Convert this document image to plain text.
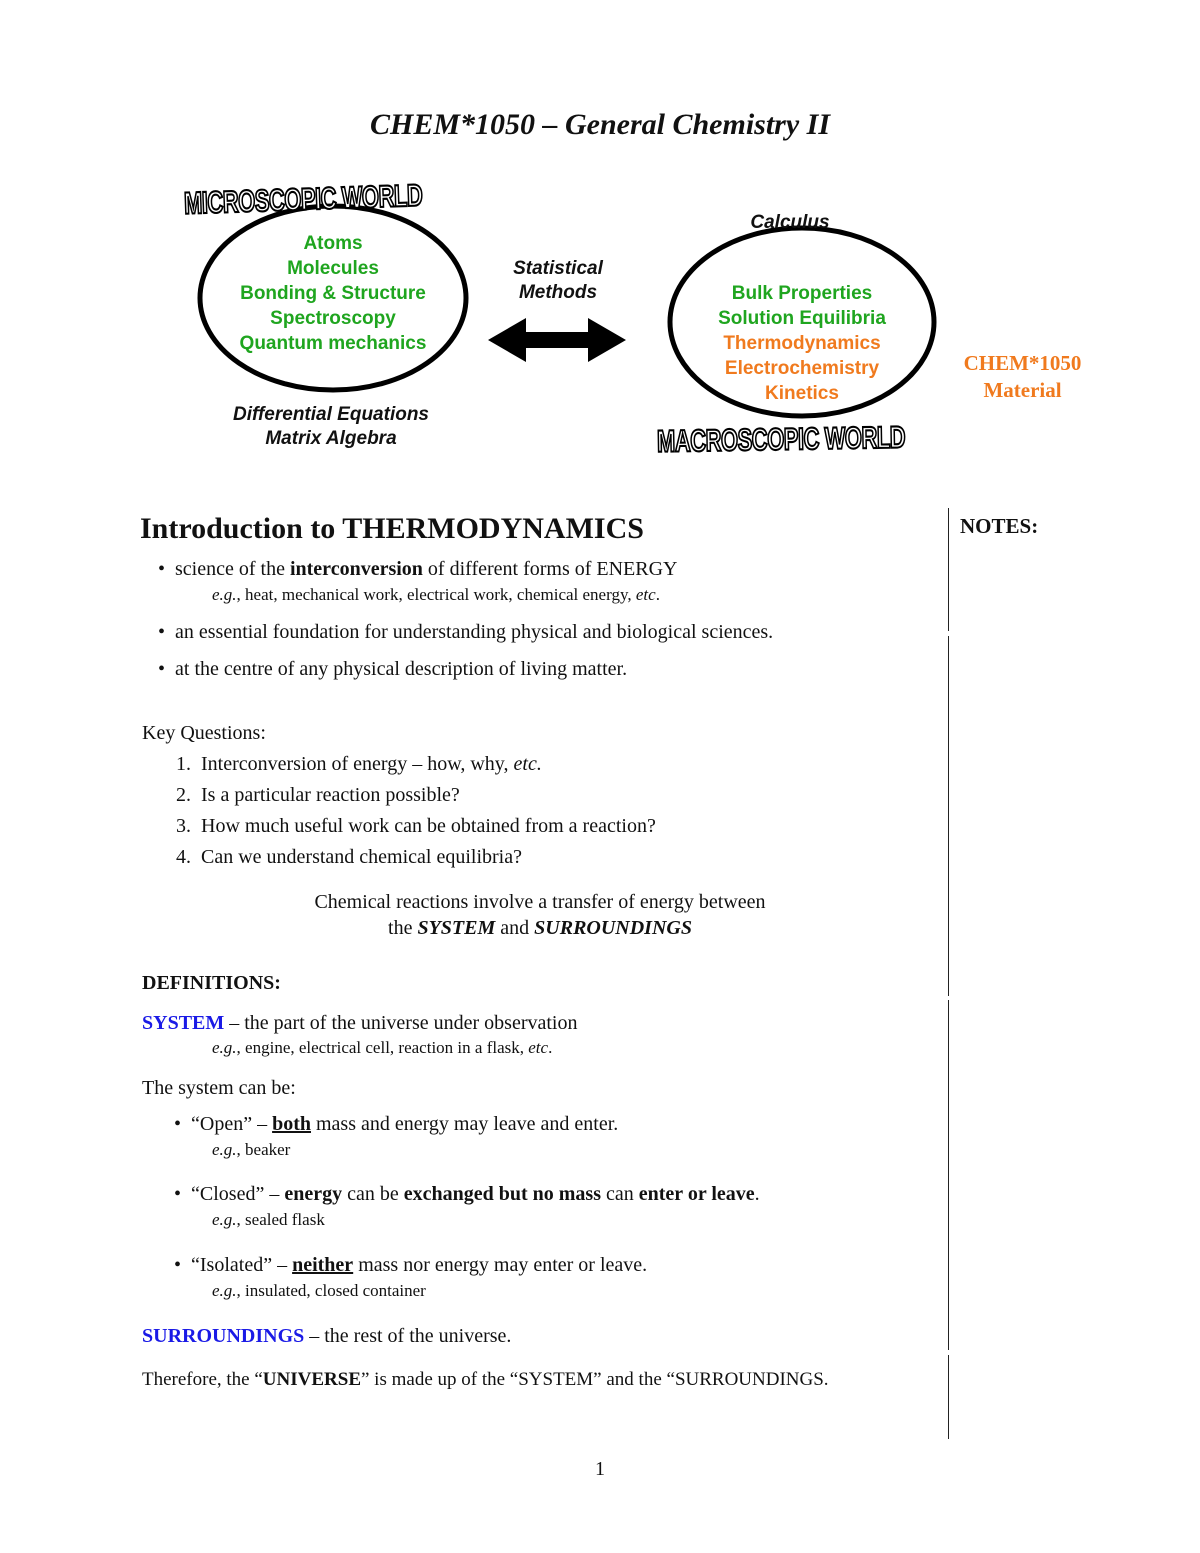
CHEM*1050 – General Chemistry II
MICROSCOPIC WORLD
MACROSCOPIC WORLD
Atoms
Molecules
Bonding & Structure
Spectroscopy
Quantum mechanics
Bulk Properties
Solution Equilibria
Thermodynamics
Electrochemistry
Kinetics
Differential Equations
Matrix Algebra
Calculus
Statistical
Methods
CHEM*1050
Material
Introduction to THERMODYNAMICS	NOTES:
•  science of the interconversion of different forms of ENERGY
e.g., heat, mechanical work, electrical work, chemical energy, etc.
•  an essential foundation for understanding physical and biological sciences.
•  at the centre of any physical description of living matter.
Key Questions:
1. Interconversion of energy – how, why, etc.
2. Is a particular reaction possible?
3. How much useful work can be obtained from a reaction?
4. Can we understand chemical equilibria?
Chemical reactions involve a transfer of energy between
the SYSTEM and SURROUNDINGS
DEFINITIONS:
SYSTEM – the part of the universe under observation
e.g., engine, electrical cell, reaction in a flask, etc.
The system can be:
•  “Open” – both mass and energy may leave and enter.
e.g., beaker
•  “Closed” – energy can be exchanged but no mass can enter or leave.
e.g., sealed flask
•  “Isolated” – neither mass nor energy may enter or leave.
e.g., insulated, closed container
SURROUNDINGS – the rest of the universe.
Therefore, the “UNIVERSE” is made up of the “SYSTEM” and the “SURROUNDINGS.
1
